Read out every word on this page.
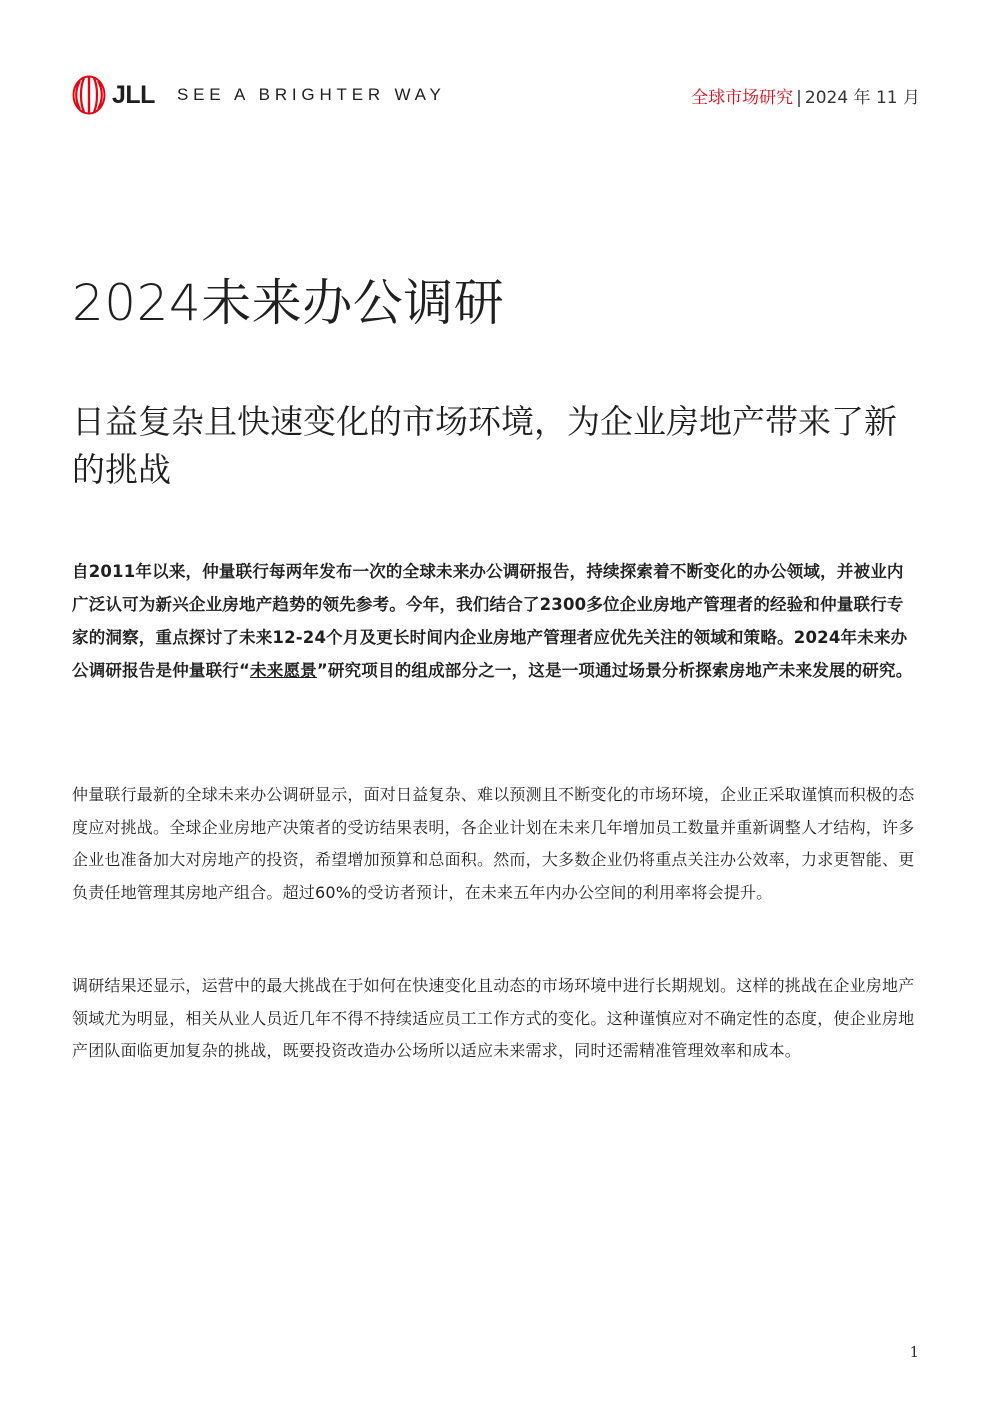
JLL SEE A BRIGHTER WAY	全球市场研究 | 2024 年 11 月
2024未来办公调研
日益复杂且快速变化的市场环境，为企业房地产带来了新的挑战

自2011年以来，仲量联行每两年发布一次的全球未来办公调研报告，持续探索着不断变化的办公领域，并被业内广泛认可为新兴企业房地产趋势的领先参考。今年，我们结合了2300多位企业房地产管理者的经验和仲量联行专家的洞察，重点探讨了未来12-24个月及更长时间内企业房地产管理者应优先关注的领域和策略。2024年未来办公调研报告是仲量联行“未来愿景”研究项目的组成部分之一，这是一项通过场景分析探索房地产未来发展的研究。

仲量联行最新的全球未来办公调研显示，面对日益复杂、难以预测且不断变化的市场环境，企业正采取谨慎而积极的态度应对挑战。全球企业房地产决策者的受访结果表明，各企业计划在未来几年增加员工数量并重新调整人才结构，许多企业也准备加大对房地产的投资，希望增加预算和总面积。然而，大多数企业仍将重点关注办公效率，力求更智能、更负责任地管理其房地产组合。超过60%的受访者预计，在未来五年内办公空间的利用率将会提升。

调研结果还显示，运营中的最大挑战在于如何在快速变化且动态的市场环境中进行长期规划。这样的挑战在企业房地产领域尤为明显，相关从业人员近几年不得不持续适应员工工作方式的变化。这种谨慎应对不确定性的态度，使企业房地产团队面临更加复杂的挑战，既要投资改造办公场所以适应未来需求，同时还需精准管理效率和成本。

1
